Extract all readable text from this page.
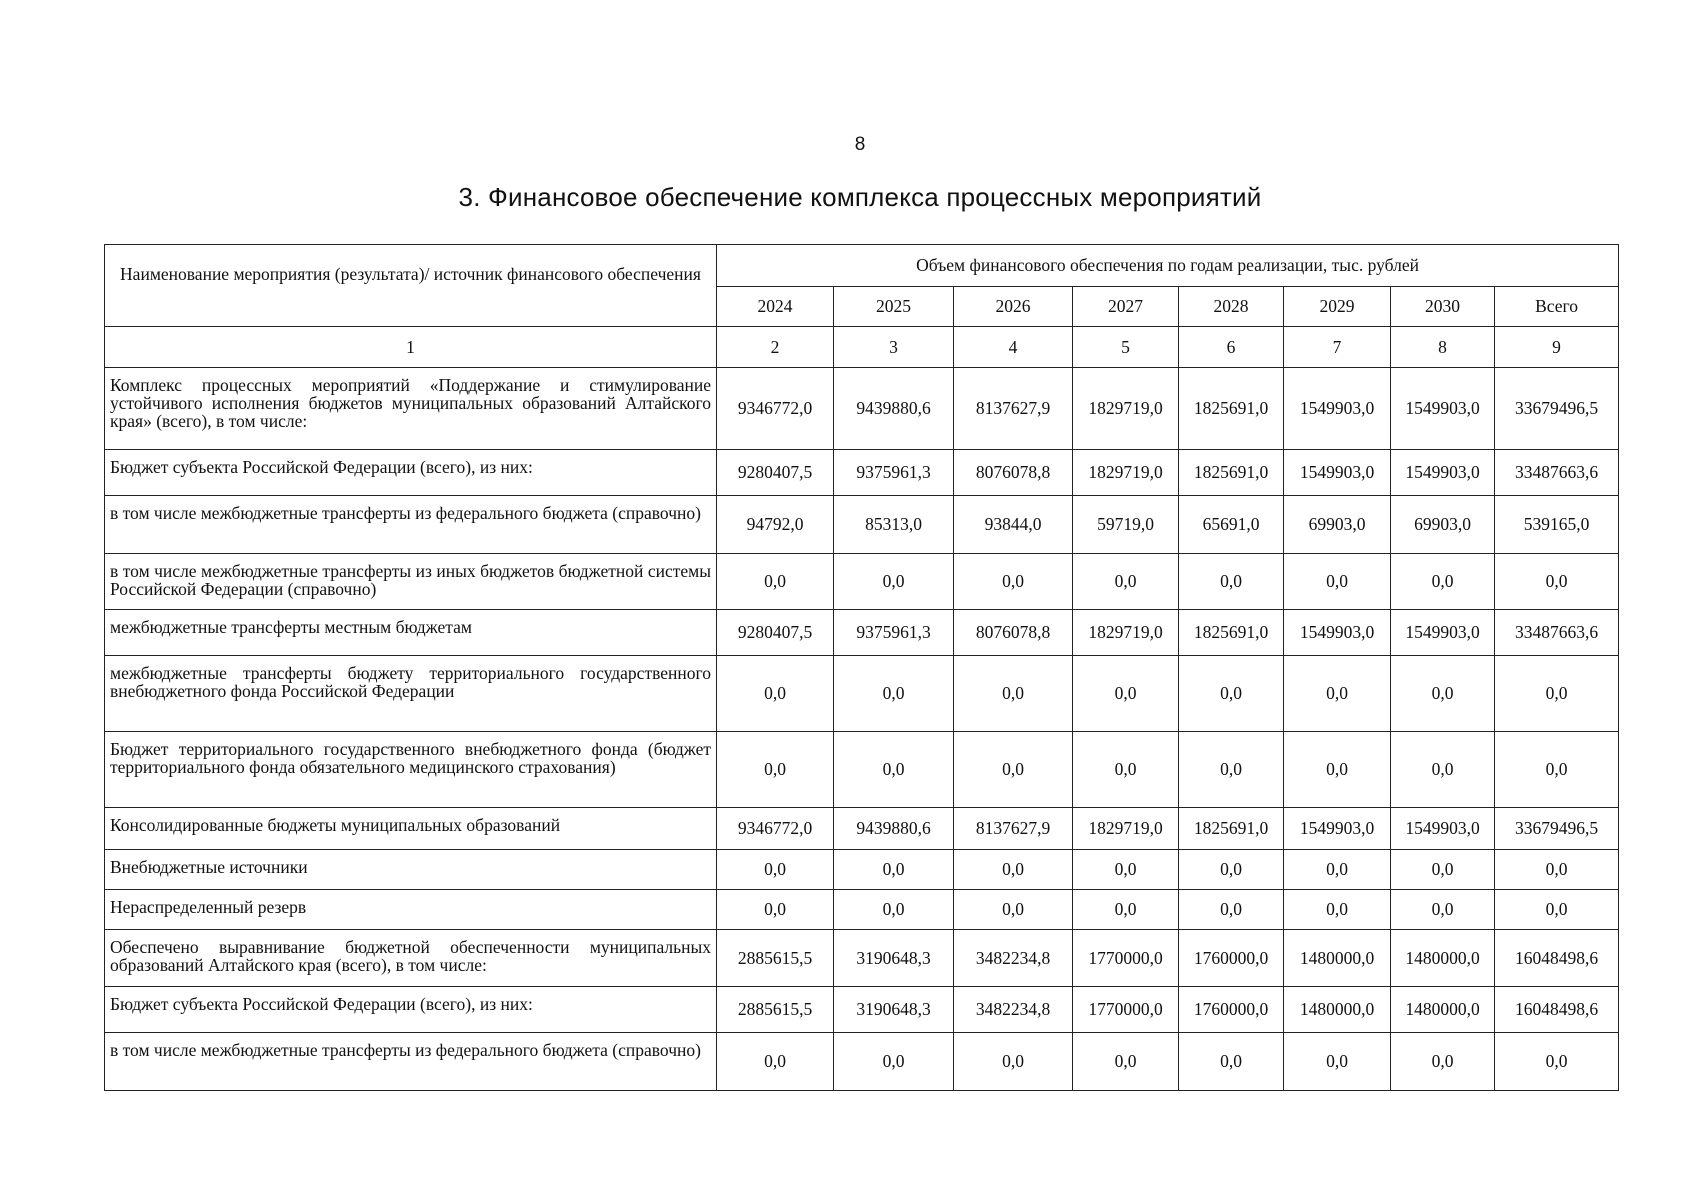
8
3. Финансовое обеспечение комплекса процессных мероприятий
Наименование мероприятия (результата)/ источник финансового обеспечения	Объем финансового обеспечения по годам реализации, тыс. рублей							
	2024	2025	2026	2027	2028	2029	2030	Всего
1	2	3	4	5	6	7	8	9
Комплекс процессных мероприятий «Поддержание и стимулирование устойчивого исполнения бюджетов муниципальных образований Алтайского края» (всего), в том числе:	9346772,0	9439880,6	8137627,9	1829719,0	1825691,0	1549903,0	1549903,0	33679496,5
Бюджет субъекта Российской Федерации (всего), из них:	9280407,5	9375961,3	8076078,8	1829719,0	1825691,0	1549903,0	1549903,0	33487663,6
в том числе межбюджетные трансферты из федерального бюджета (справочно)	94792,0	85313,0	93844,0	59719,0	65691,0	69903,0	69903,0	539165,0
в том числе межбюджетные трансферты из иных бюджетов бюджетной системы Российской Федерации (справочно)	0,0	0,0	0,0	0,0	0,0	0,0	0,0	0,0
межбюджетные трансферты местным бюджетам	9280407,5	9375961,3	8076078,8	1829719,0	1825691,0	1549903,0	1549903,0	33487663,6
межбюджетные трансферты бюджету территориального государственного внебюджетного фонда Российской Федерации	0,0	0,0	0,0	0,0	0,0	0,0	0,0	0,0
Бюджет территориального государственного внебюджетного фонда (бюджет территориального фонда обязательного медицинского страхования)	0,0	0,0	0,0	0,0	0,0	0,0	0,0	0,0
Консолидированные бюджеты муниципальных образований	9346772,0	9439880,6	8137627,9	1829719,0	1825691,0	1549903,0	1549903,0	33679496,5
Внебюджетные источники	0,0	0,0	0,0	0,0	0,0	0,0	0,0	0,0
Нераспределенный резерв	0,0	0,0	0,0	0,0	0,0	0,0	0,0	0,0
Обеспечено выравнивание бюджетной обеспеченности муниципальных образований Алтайского края (всего), в том числе:	2885615,5	3190648,3	3482234,8	1770000,0	1760000,0	1480000,0	1480000,0	16048498,6
Бюджет субъекта Российской Федерации (всего), из них:	2885615,5	3190648,3	3482234,8	1770000,0	1760000,0	1480000,0	1480000,0	16048498,6
в том числе межбюджетные трансферты из федерального бюджета (справочно)	0,0	0,0	0,0	0,0	0,0	0,0	0,0	0,0
